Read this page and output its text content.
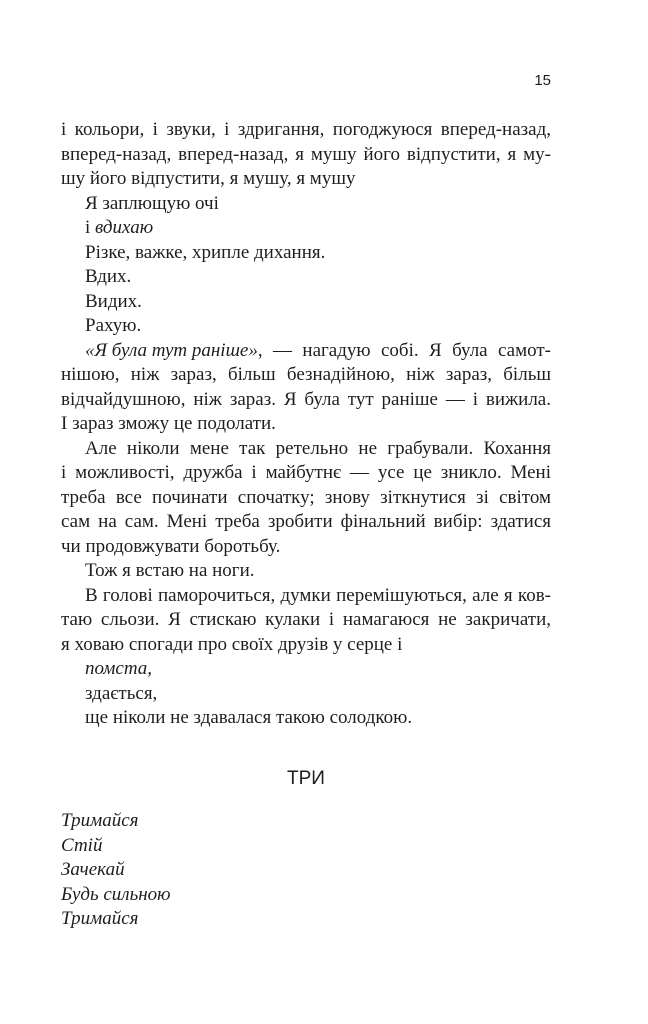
15
і кольори, і звуки, і здригання, погоджуюся вперед-назад,
вперед-назад, вперед-назад, я мушу його відпустити, я му-
шу його відпустити, я мушу, я мушу
Я заплющую очі
і вдихаю
Різке, важке, хрипле дихання.
Вдих.
Видих.
Рахую.
«Я була тут раніше» , — нагадую собі. Я була самот-
нішою, ніж зараз, більш безнадійною, ніж зараз, більш
відчайдушною, ніж зараз. Я була тут раніше — і вижила.
І зараз зможу це подолати.
Але ніколи мене так ретельно не грабували. Кохання
і можливості, дружба і майбутнє — усе це зникло. Мені
треба все починати спочатку; знову зіткнутися зі світом
сам на сам. Мені треба зробити фінальний вибір: здатися
чи продовжувати боротьбу.
Тож я встаю на ноги.
В голові паморочиться, думки перемішуються, але я ков-
таю сльози. Я стискаю кулаки і намагаюся не закричати,
я ховаю спогади про своїх друзів у серце і
помста,
здається,
ще ніколи не здавалася такою солодкою.
ТРИ
Тримайся
Стій
Зачекай
Будь сильною
Тримайся
